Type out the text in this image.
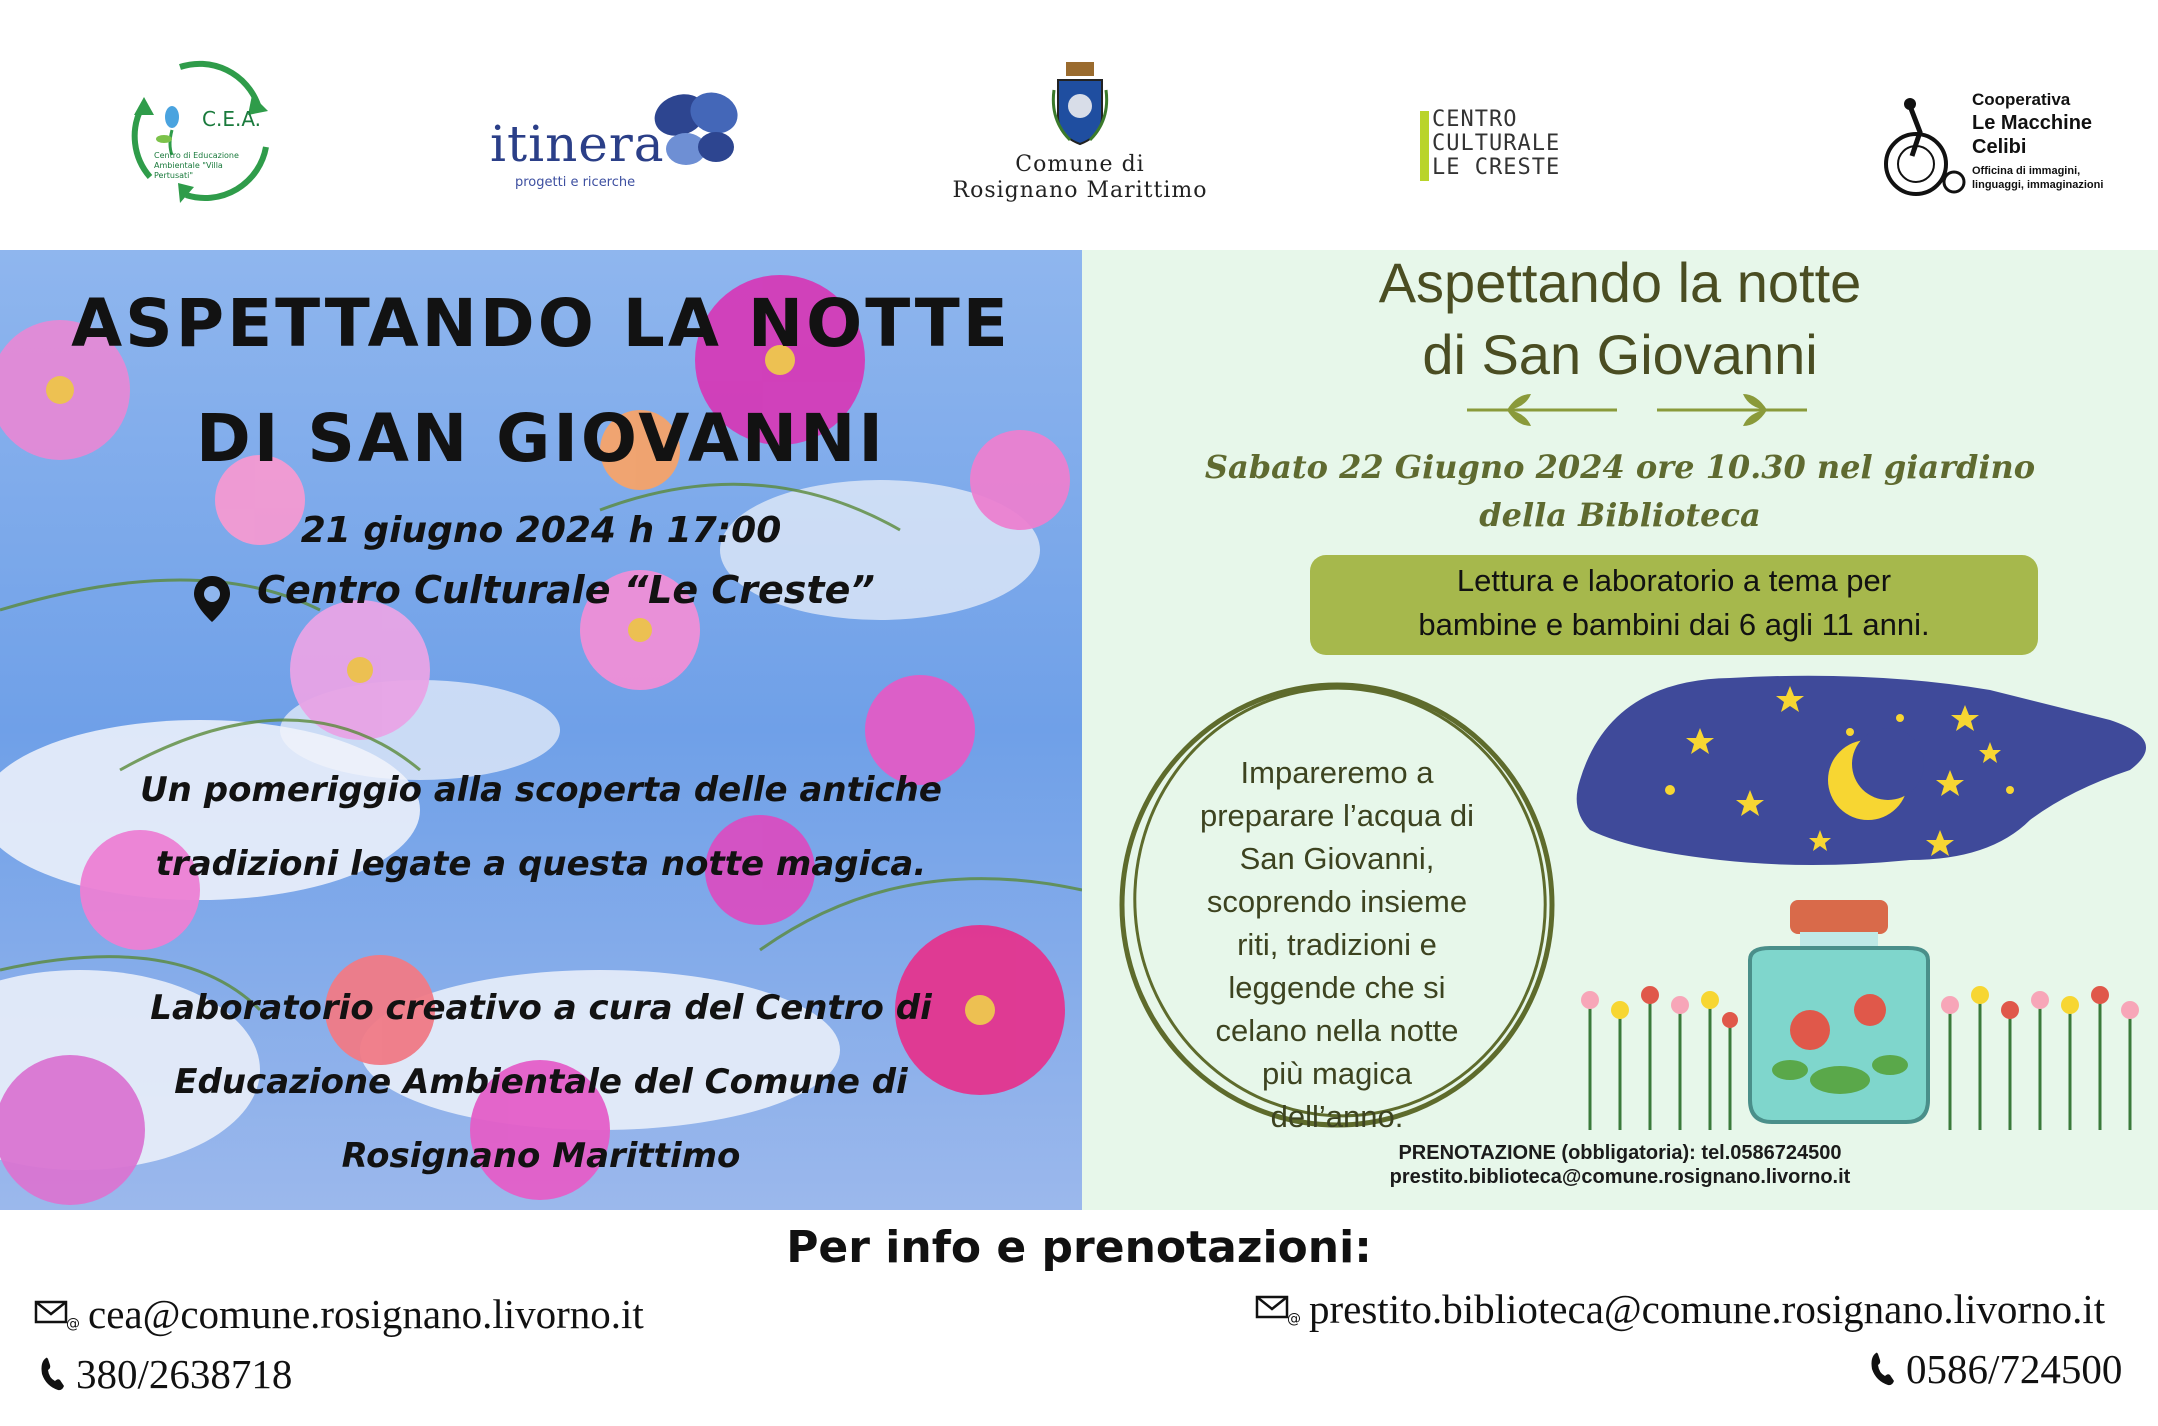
C.E.A.
Centro di Educazione Ambientale "Villa Pertusati"
itinera
progetti e ricerche
Comune di
Rosignano Marittimo
CENTRO
CULTURALE
LE CRESTE
Cooperativa
Le Macchine
Celibi
Officina di immagini, linguaggi, immaginazioni
ASPETTANDO LA NOTTE
DI SAN GIOVANNI
21 giugno 2024 h 17:00
Centro Culturale “Le Creste”
Un pomeriggio alla scoperta delle antiche
tradizioni legate a questa notte magica.
Laboratorio creativo a cura del Centro di
Educazione Ambientale del Comune di
Rosignano Marittimo
Aspettando la notte
di San Giovanni
Sabato 22 Giugno 2024 ore 10.30 nel giardino
della Biblioteca
Lettura e laboratorio a tema per
bambine e bambini dai 6 agli 11 anni.
Impareremo a
preparare l’acqua di
San Giovanni,
scoprendo insieme
riti, tradizioni e
leggende che si
celano nella notte
più magica
dell’anno.
PRENOTAZIONE (obbligatoria): tel.0586724500
prestito.biblioteca@comune.rosignano.livorno.it
Per info e prenotazioni:
@ cea@comune.rosignano.livorno.it
380/2638718
@ prestito.biblioteca@comune.rosignano.livorno.it
0586/724500
